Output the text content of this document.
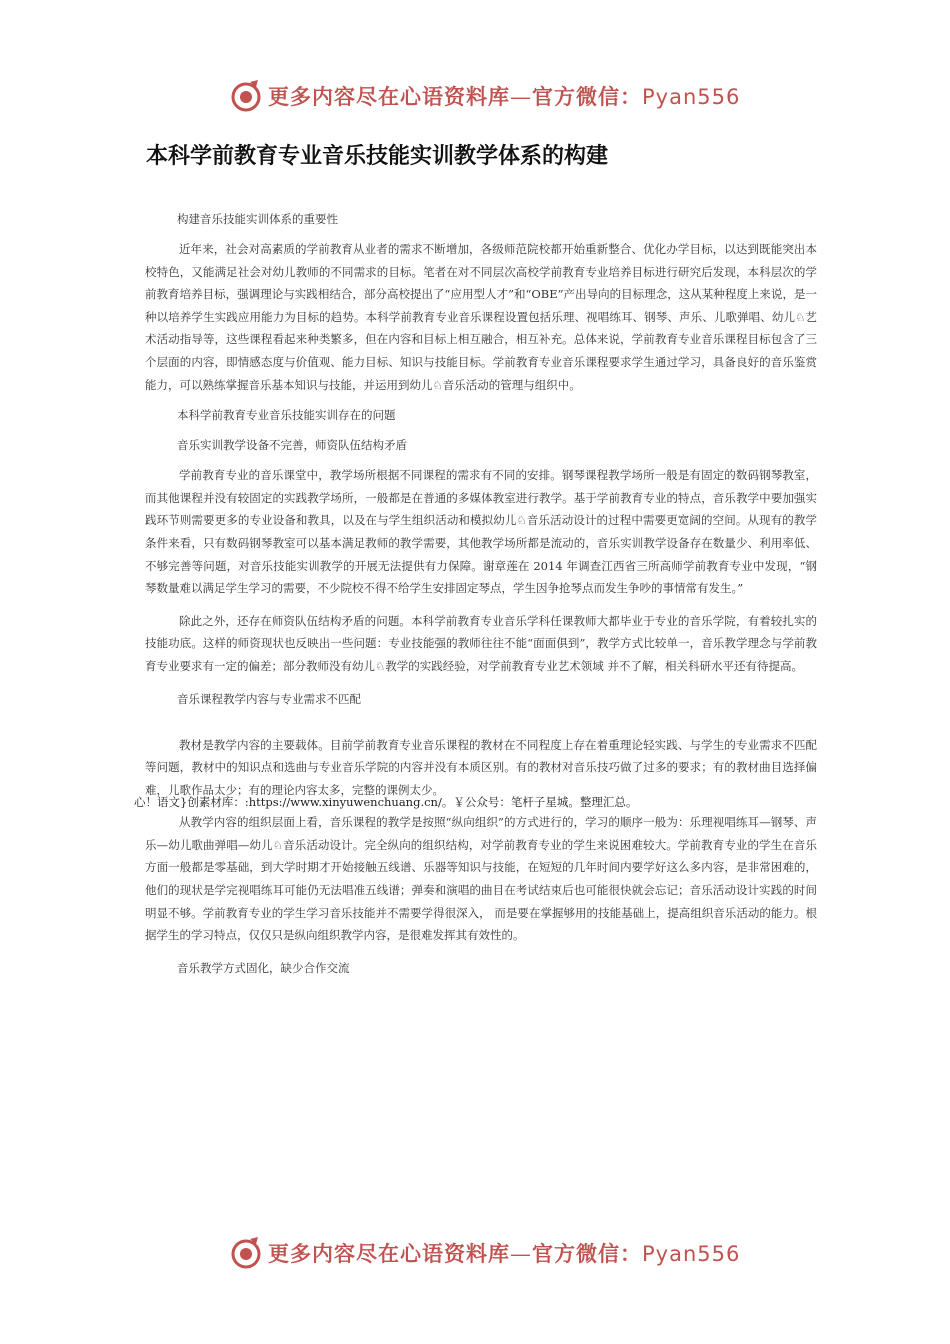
更多内容尽在心语资料库—官方微信：Pyan556
本科学前教育专业音乐技能实训教学体系的构建

构建音乐技能实训体系的重要性

近年来，社会对高素质的学前教育从业者的需求不断增加，各级师范院校都开始重新整合、优化办学目标，以达到既能突出本校特色，又能满足社会对幼儿教师的不同需求的目标。笔者在对不同层次高校学前教育专业培养目标进行研究后发现，本科层次的学前教育培养目标，强调理论与实践相结合，部分高校提出了“应用型人才”和“OBE”产出导向的目标理念，这从某种程度上来说，是一种以培养学生实践应用能力为目标的趋势。本科学前教育专业音乐课程设置包括乐理、视唱练耳、钢琴、声乐、儿歌弹唱、幼儿♘艺术活动指导等，这些课程看起来种类繁多，但在内容和目标上相互融合，相互补充。总体来说，学前教育专业音乐课程目标包含了三个层面的内容，即情感态度与价值观、能力目标、知识与技能目标。学前教育专业音乐课程要求学生通过学习，具备良好的音乐鉴赏能力，可以熟练掌握音乐基本知识与技能，并运用到幼儿♘音乐活动的管理与组织中。

本科学前教育专业音乐技能实训存在的问题

音乐实训教学设备不完善，师资队伍结构矛盾

学前教育专业的音乐课堂中，教学场所根据不同课程的需求有不同的安排。钢琴课程教学场所一般是有固定的数码钢琴教室，而其他课程并没有较固定的实践教学场所，一般都是在普通的多媒体教室进行教学。基于学前教育专业的特点，音乐教学中要加强实践环节则需要更多的专业设备和教具，以及在与学生组织活动和模拟幼儿♘音乐活动设计的过程中需要更宽阔的空间。从现有的教学条件来看，只有数码钢琴教室可以基本满足教师的教学需要，其他教学场所都是流动的，音乐实训教学设备存在数量少、利用率低、不够完善等问题，对音乐技能实训教学的开展无法提供有力保障。谢章莲在 2014 年调查江西省三所高师学前教育专业中发现，“钢琴数量难以满足学生学习的需要，不少院校不得不给学生安排固定琴点，学生因争抢琴点而发生争吵的事情常有发生。”

除此之外，还存在师资队伍结构矛盾的问题。本科学前教育专业音乐学科任课教师大都毕业于专业的音乐学院，有着较扎实的技能功底。这样的师资现状也反映出一些问题：专业技能强的教师往往不能“面面俱到”，教学方式比较单一，音乐教学理念与学前教育专业要求有一定的偏差；部分教师没有幼儿♘教学的实践经验，对学前教育专业艺术领域 并不了解，相关科研水平还有待提高。

音乐课程教学内容与专业需求不匹配

教材是教学内容的主要载体。目前学前教育专业音乐课程的教材在不同程度上存在着重理论轻实践、与学生的专业需求不匹配等问题，教材中的知识点和选曲与专业音乐学院的内容并没有本质区别。有的教材对音乐技巧做了过多的要求；有的教材曲目选择偏难，儿歌作品太少；有的理论内容太多，完整的课例太少。

从教学内容的组织层面上看，音乐课程的教学是按照“纵向组织”的方式进行的，学习的顺序一般为：乐理视唱练耳—钢琴、声乐—幼儿歌曲弹唱—幼儿♘音乐活动设计。完全纵向的组织结构，对学前教育专业的学生来说困难较大。学前教育专业的学生在音乐方面一般都是零基础，到大学时期才开始接触五线谱、乐器等知识与技能，在短短的几年时间内要学好这么多内容，是非常困难的，他们的现状是学完视唱练耳可能仍无法唱准五线谱；弹奏和演唱的曲目在考试结束后也可能很快就会忘记；音乐活动设计实践的时间明显不够。学前教育专业的学生学习音乐技能并不需要学得很深入， 而是要在掌握够用的技能基础上，提高组织音乐活动的能力。根据学生的学习特点，仅仅只是纵向组织教学内容，是很难发挥其有效性的。

音乐教学方式固化，缺少合作交流

心！语文}创素材库：:https://www.xinyuwenchuang.cn/。￥公众号：笔杆子星城。整理汇总。
更多内容尽在心语资料库—官方微信：Pyan556
